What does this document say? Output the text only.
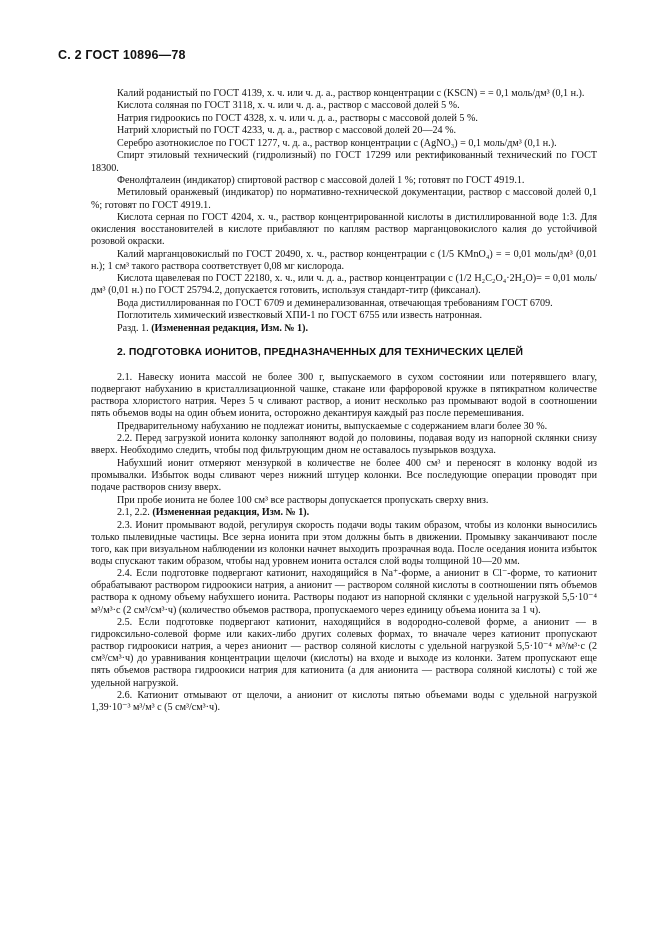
С. 2 ГОСТ 10896—78

Калий роданистый по ГОСТ 4139, х. ч. или ч. д. а., раствор концентрации c (KSCN) = = 0,1 моль/дм³ (0,1 н.).

Кислота соляная по ГОСТ 3118, х. ч. или ч. д. а., раствор с массовой долей 5 %.

Натрия гидроокись по ГОСТ 4328, х. ч. или ч. д. а., растворы с массовой долей 5 %.

Натрий хлористый по ГОСТ 4233, ч. д. а., раствор с массовой долей 20—24 %.

Серебро азотнокислое по ГОСТ 1277, ч. д. а., раствор концентрации c (AgNO₃) = 0,1 моль/дм³ (0,1 н.).

Спирт этиловый технический (гидролизный) по ГОСТ 17299 или ректификованный технический по ГОСТ 18300.

Фенолфталеин (индикатор) спиртовой раствор с массовой долей 1 %; готовят по ГОСТ 4919.1.

Метиловый оранжевый (индикатор) по нормативно-технической документации, раствор с массовой долей 0,1 %; готовят по ГОСТ 4919.1.

Кислота серная по ГОСТ 4204, х. ч., раствор концентрированной кислоты в дистиллированной воде 1:3. Для окисления восстановителей в кислоте прибавляют по каплям раствор марганцовокислого калия до устойчивой розовой окраски.

Калий марганцовокислый по ГОСТ 20490, х. ч., раствор концентрации c (1/5 KMnO₄) = = 0,01 моль/дм³ (0,01 н.); 1 см³ такого раствора соответствует 0,08 мг кислорода.

Кислота щавелевая по ГОСТ 22180, х. ч., или ч. д. а., раствор концентрации c (1/2 H₂C₂O₄·2H₂O)= = 0,01 моль/дм³ (0,01 н.) по ГОСТ 25794.2, допускается готовить, используя стандарт-титр (фиксанал).

Вода дистиллированная по ГОСТ 6709 и деминерализованная, отвечающая требованиям ГОСТ 6709.

Поглотитель химический известковый ХПИ-1 по ГОСТ 6755 или известь натронная.

Разд. 1. (Измененная редакция, Изм. № 1).

2. ПОДГОТОВКА ИОНИТОВ, ПРЕДНАЗНАЧЕННЫХ ДЛЯ ТЕХНИЧЕСКИХ ЦЕЛЕЙ

2.1. Навеску ионита массой не более 300 г, выпускаемого в сухом состоянии или потерявшего влагу, подвергают набуханию в кристаллизационной чашке, стакане или фарфоровой кружке в пятикратном количестве раствора хлористого натрия. Через 5 ч сливают раствор, а ионит несколько раз промывают водой в соотношении пять объемов воды на один объем ионита, осторожно декантируя каждый раз после перемешивания.

Предварительному набуханию не подлежат иониты, выпускаемые с содержанием влаги более 30 %.

2.2. Перед загрузкой ионита колонку заполняют водой до половины, подавая воду из напорной склянки снизу вверх. Необходимо следить, чтобы под фильтрующим дном не оставалось пузырьков воздуха.

Набухший ионит отмеряют мензуркой в количестве не более 400 см³ и переносят в колонку водой из промывалки. Избыток воды сливают через нижний штуцер колонки. Все последующие операции проводят при подаче растворов снизу вверх.

При пробе ионита не более 100 см³ все растворы допускается пропускать сверху вниз.

2.1, 2.2. (Измененная редакция, Изм. № 1).

2.3. Ионит промывают водой, регулируя скорость подачи воды таким образом, чтобы из колонки выносились только пылевидные частицы. Все зерна ионита при этом должны быть в движении. Промывку заканчивают после того, как при визуальном наблюдении из колонки начнет выходить прозрачная вода. После оседания ионита избыток воды спускают таким образом, чтобы над уровнем ионита остался слой воды толщиной 10—20 мм.

2.4. Если подготовке подвергают катионит, находящийся в Na⁺-форме, а анионит в Cl⁻-форме, то катионит обрабатывают раствором гидроокиси натрия, а анионит — раствором соляной кислоты в соотношении пять объемов раствора к одному объему набухшего ионита. Растворы подают из напорной склянки с удельной нагрузкой 5,5·10⁻⁴ м³/м³·с (2 см³/см³·ч) (количество объемов раствора, пропускаемого через единицу объема ионита за 1 ч).

2.5. Если подготовке подвергают катионит, находящийся в водородно-солевой форме, а анионит — в гидроксильно-солевой форме или каких-либо других солевых формах, то вначале через катионит пропускают раствор гидроокиси натрия, а через анионит — раствор соляной кислоты с удельной нагрузкой 5,5·10⁻⁴ м³/м³·с (2 см³/см³·ч) до уравнивания концентрации щелочи (кислоты) на входе и выходе из колонки. Затем пропускают еще пять объемов раствора гидроокиси натрия для катионита (а для анионита — раствора соляной кислоты) с той же удельной нагрузкой.

2.6. Катионит отмывают от щелочи, а анионит от кислоты пятью объемами воды с удельной нагрузкой 1,39·10⁻³ м³/м³ с (5 см³/см³·ч).
